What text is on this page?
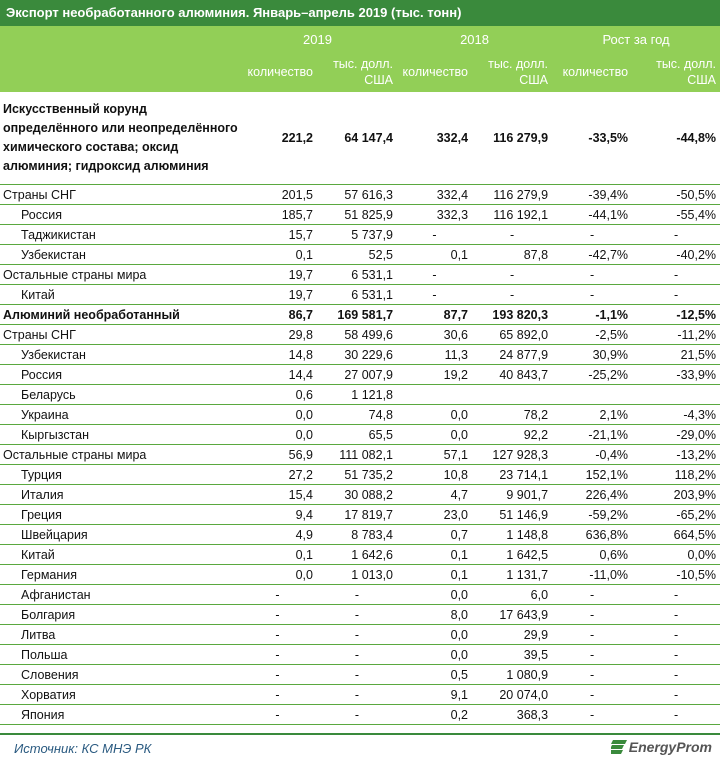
Экспорт необработанного алюминия. Январь–апрель 2019 (тыс. тонн)
	2019		2018		Рост за год	
	количество	тыс. долл. США	количество	тыс. долл. США	количество	тыс. долл. США
Искусственный корунд определённого или неопределённого химического состава; оксид алюминия; гидроксид алюминия	221,2	64 147,4	332,4	116 279,9	-33,5%	-44,8%
Страны СНГ	201,5	57 616,3	332,4	116 279,9	-39,4%	-50,5%
Россия	185,7	51 825,9	332,3	116 192,1	-44,1%	-55,4%
Таджикистан	15,7	5 737,9	-	-	-	-
Узбекистан	0,1	52,5	0,1	87,8	-42,7%	-40,2%
Остальные страны мира	19,7	6 531,1	-	-	-	-
Китай	19,7	6 531,1	-	-	-	-
Алюминий необработанный	86,7	169 581,7	87,7	193 820,3	-1,1%	-12,5%
Страны СНГ	29,8	58 499,6	30,6	65 892,0	-2,5%	-11,2%
Узбекистан	14,8	30 229,6	11,3	24 877,9	30,9%	21,5%
Россия	14,4	27 007,9	19,2	40 843,7	-25,2%	-33,9%
Беларусь	0,6	1 121,8				
Украина	0,0	74,8	0,0	78,2	2,1%	-4,3%
Кыргызстан	0,0	65,5	0,0	92,2	-21,1%	-29,0%
Остальные страны мира	56,9	111 082,1	57,1	127 928,3	-0,4%	-13,2%
Турция	27,2	51 735,2	10,8	23 714,1	152,1%	118,2%
Италия	15,4	30 088,2	4,7	9 901,7	226,4%	203,9%
Греция	9,4	17 819,7	23,0	51 146,9	-59,2%	-65,2%
Швейцария	4,9	8 783,4	0,7	1 148,8	636,8%	664,5%
Китай	0,1	1 642,6	0,1	1 642,5	0,6%	0,0%
Германия	0,0	1 013,0	0,1	1 131,7	-11,0%	-10,5%
Афганистан	-	-	0,0	6,0	-	-
Болгария	-	-	8,0	17 643,9	-	-
Литва	-	-	0,0	29,9	-	-
Польша	-	-	0,0	39,5	-	-
Словения	-	-	0,5	1 080,9	-	-
Хорватия	-	-	9,1	20 074,0	-	-
Япония	-	-	0,2	368,3	-	-
Источник: КС МНЭ РК	EnergyProm
